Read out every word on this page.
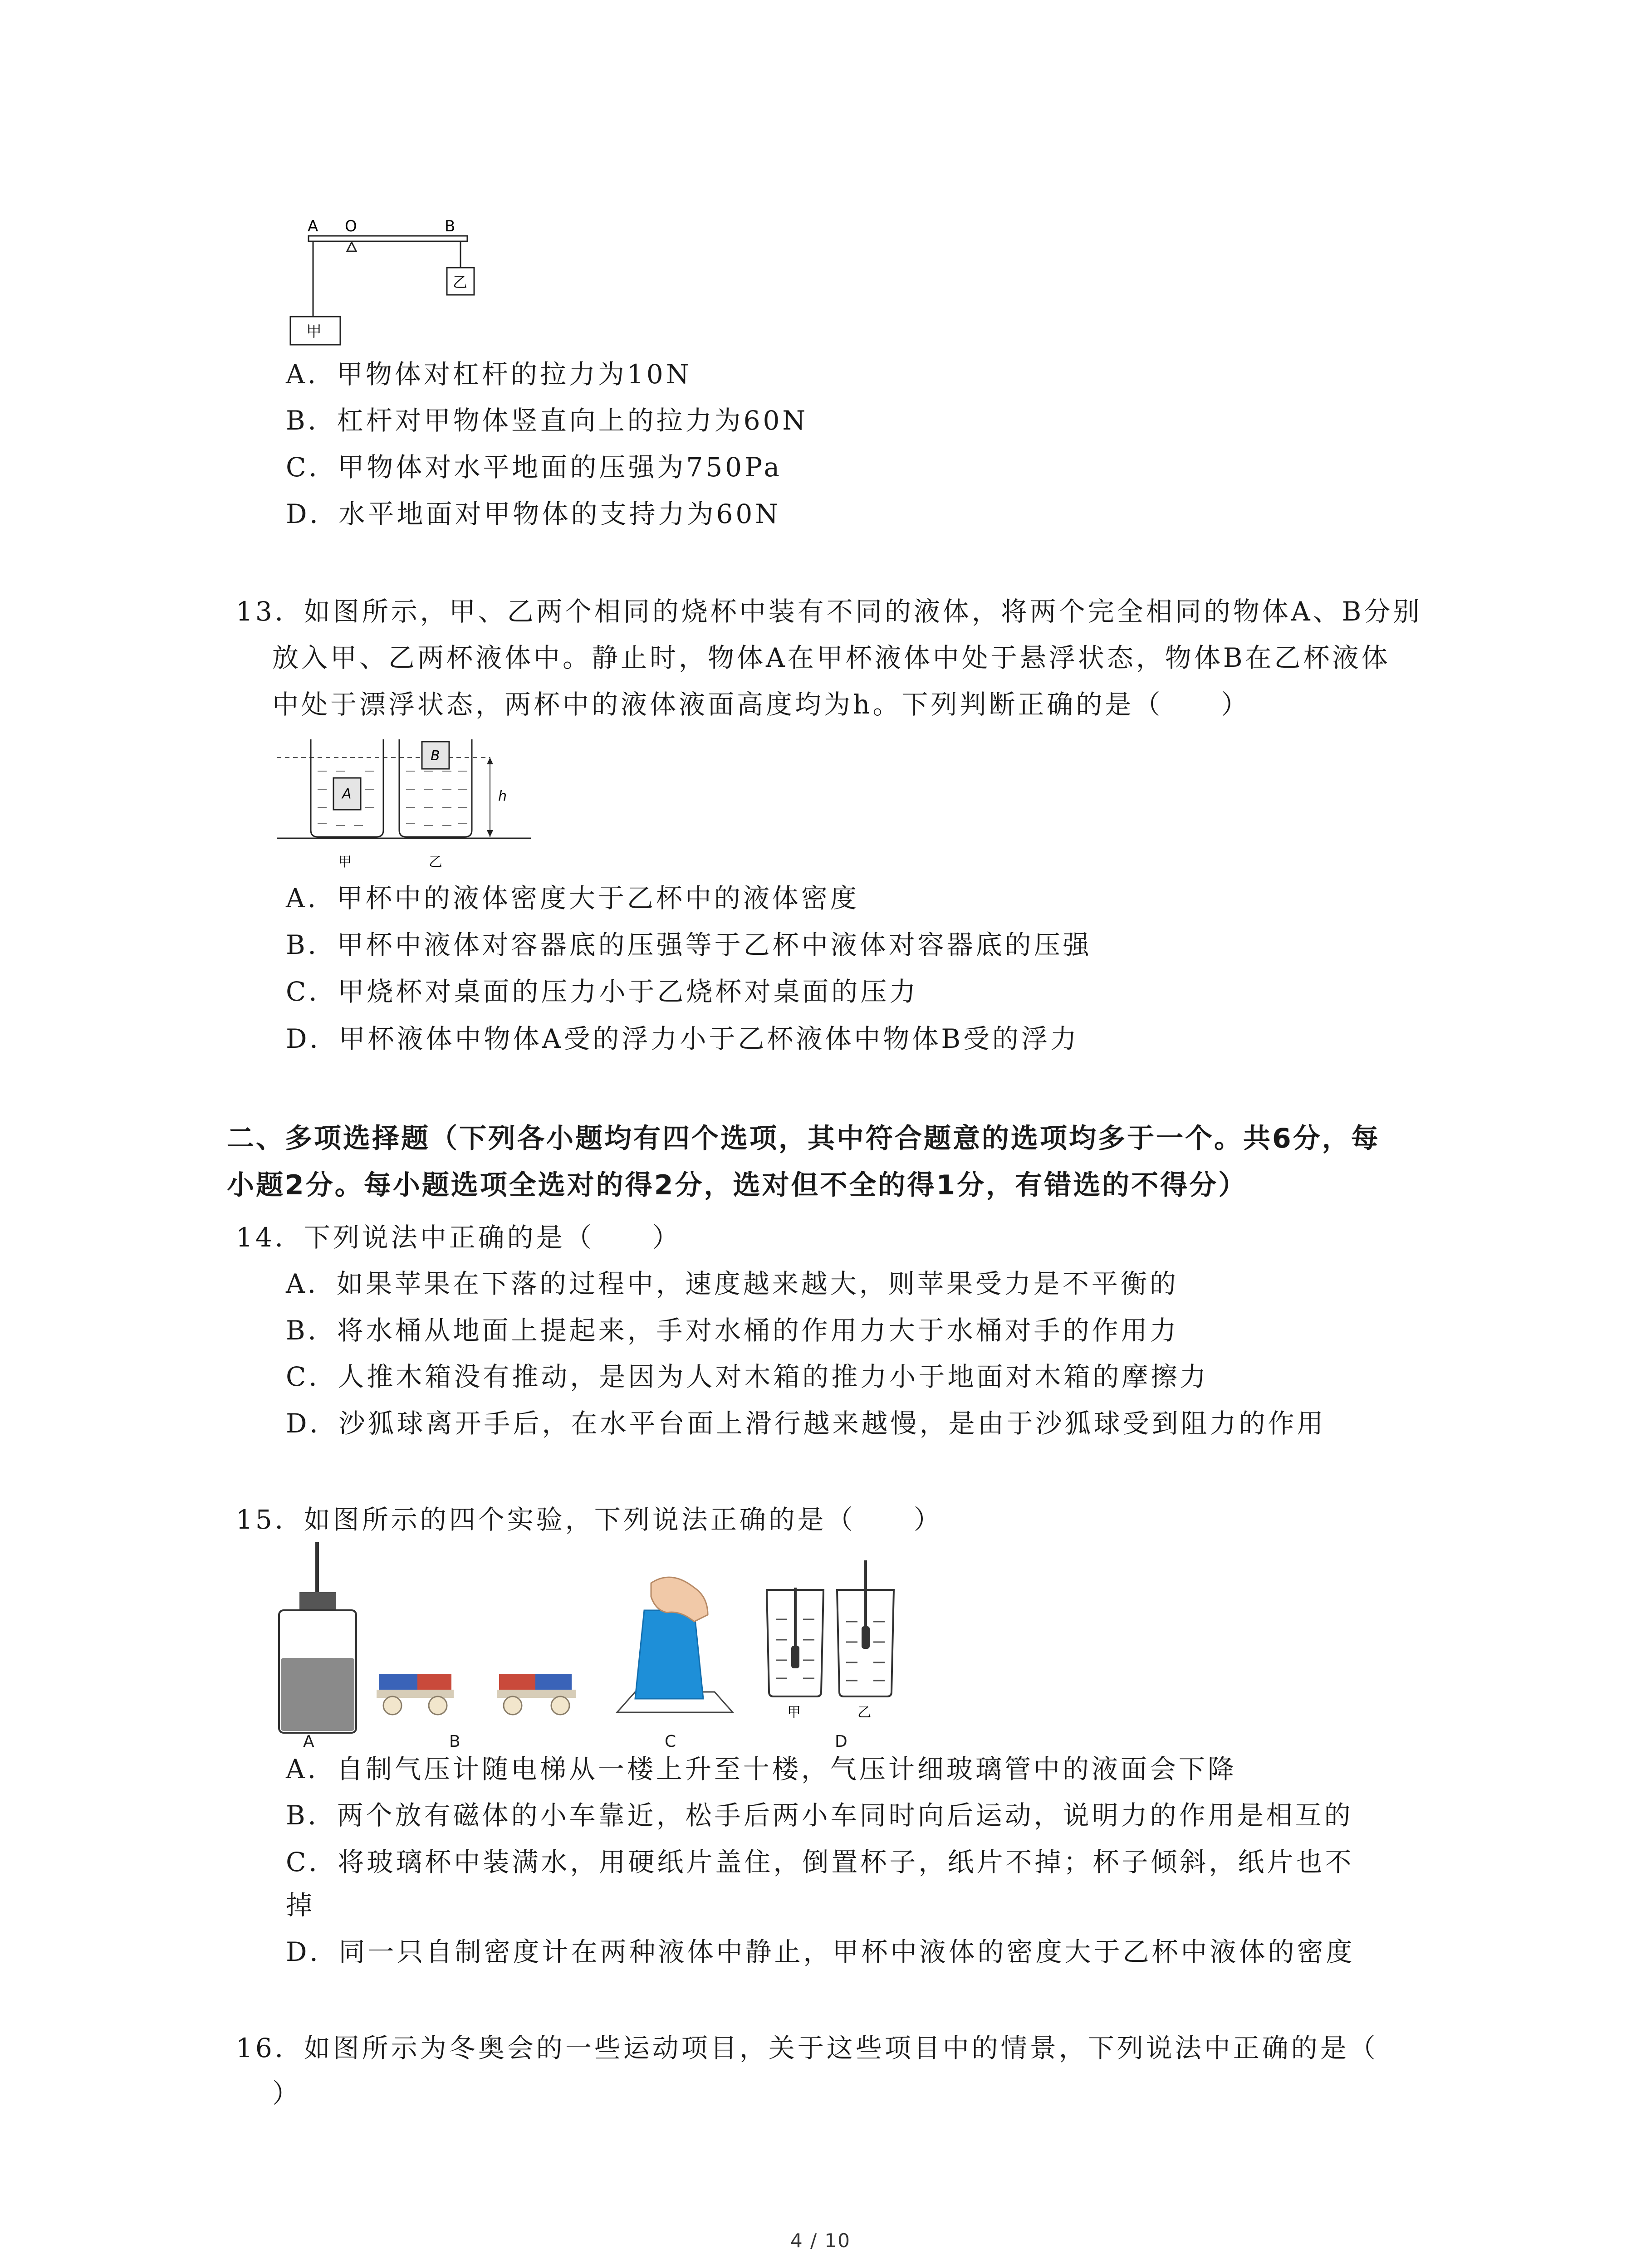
A O	B
乙
甲
A．甲物体对杠杆的拉力为10N
B．杠杆对甲物体竖直向上的拉力为60N
C．甲物体对水平地面的压强为750Pa
D．水平地面对甲物体的支持力为60N
13．如图所示，甲、乙两个相同的烧杯中装有不同的液体，将两个完全相同的物体A、B分别
放入甲、乙两杯液体中。静止时，物体A在甲杯液体中处于悬浮状态，物体B在乙杯液体
中处于漂浮状态，两杯中的液体液面高度均为h。下列判断正确的是（　　）
A
B
h
甲	乙
A．甲杯中的液体密度大于乙杯中的液体密度
B．甲杯中液体对容器底的压强等于乙杯中液体对容器底的压强
C．甲烧杯对桌面的压力小于乙烧杯对桌面的压力
D．甲杯液体中物体A受的浮力小于乙杯液体中物体B受的浮力
二、多项选择题（下列各小题均有四个选项，其中符合题意的选项均多于一个。共6分，每
小题2分。每小题选项全选对的得2分，选对但不全的得1分，有错选的不得分）
14．下列说法中正确的是（　　）
A．如果苹果在下落的过程中，速度越来越大，则苹果受力是不平衡的
B．将水桶从地面上提起来，手对水桶的作用力大于水桶对手的作用力
C．人推木箱没有推动，是因为人对木箱的推力小于地面对木箱的摩擦力
D．沙狐球离开手后，在水平台面上滑行越来越慢，是由于沙狐球受到阻力的作用
15．如图所示的四个实验，下列说法正确的是（　　）
甲	乙
A	B	C	D
A．自制气压计随电梯从一楼上升至十楼，气压计细玻璃管中的液面会下降
B．两个放有磁体的小车靠近，松手后两小车同时向后运动，说明力的作用是相互的
C．将玻璃杯中装满水，用硬纸片盖住，倒置杯子，纸片不掉；杯子倾斜，纸片也不
掉
D．同一只自制密度计在两种液体中静止，甲杯中液体的密度大于乙杯中液体的密度
16．如图所示为冬奥会的一些运动项目，关于这些项目中的情景，下列说法中正确的是（
）
4 / 10
